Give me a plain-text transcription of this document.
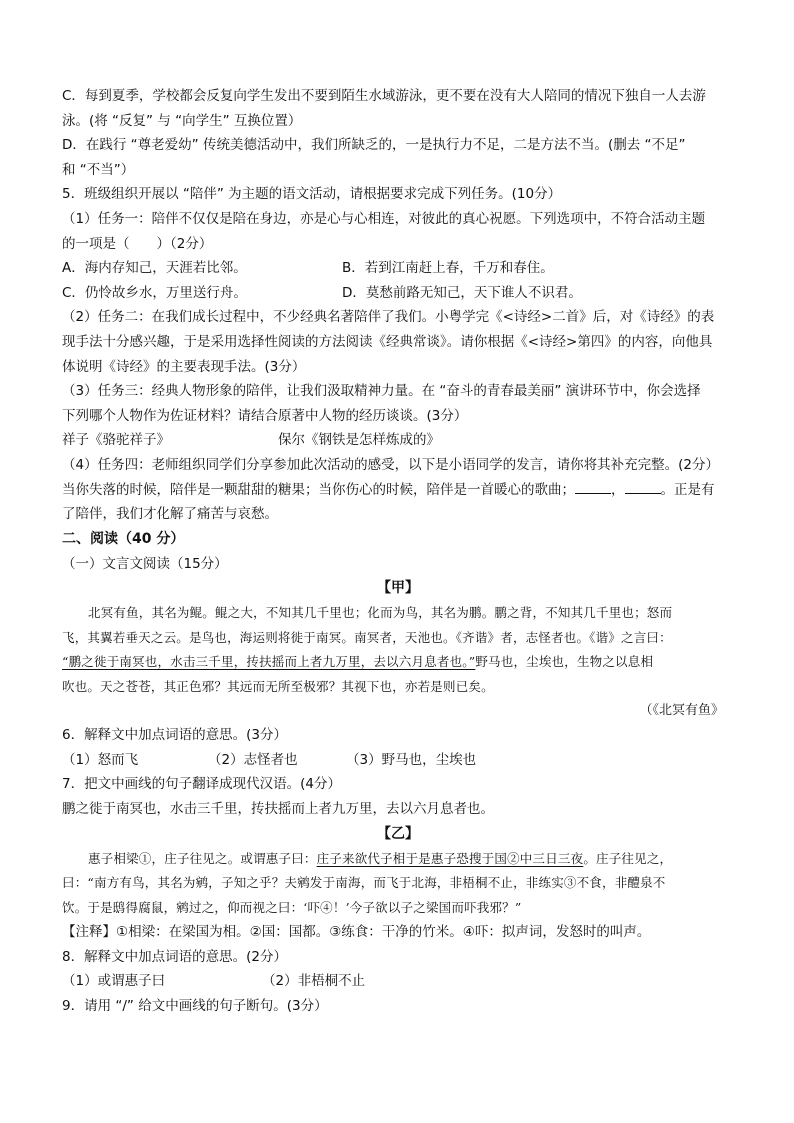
C．每到夏季，学校都会反复向学生发出不要到陌生水域游泳，更不要在没有大人陪同的情况下独自一人去游
泳。(将 “反复” 与 “向学生” 互换位置）
D．在践行 “尊老爱幼” 传统美德活动中，我们所缺乏的，一是执行力不足，二是方法不当。(删去 “不足”
和 “不当”）
5．班级组织开展以 “陪伴” 为主题的语文活动，请根据要求完成下列任务。(10分）
（1）任务一：陪伴不仅仅是陪在身边，亦是心与心相连，对彼此的真心祝愿。下列选项中，不符合活动主题
的一项是（　　）（2分）
A．海内存知己，天涯若比邻。	B．若到江南赶上春，千万和春住。
C．仍怜故乡水，万里送行舟。	D．莫愁前路无知己，天下谁人不识君。
（2）任务二：在我们成长过程中，不少经典名著陪伴了我们。小粤学完《<诗经>二首》后，对《诗经》的表
现手法十分感兴趣，于是采用选择性阅读的方法阅读《经典常谈》。请你根据《<诗经>第四》的内容，向他具
体说明《诗经》的主要表现手法。(3分）
（3）任务三：经典人物形象的陪伴，让我们汲取精神力量。在 “奋斗的青春最美丽” 演讲环节中，你会选择
下列哪个人物作为佐证材料？请结合原著中人物的经历谈谈。(3分）
祥子《骆驼祥子》	保尔《钢铁是怎样炼成的》
（4）任务四：老师组织同学们分享参加此次活动的感受，以下是小语同学的发言，请你将其补充完整。(2分）
当你失落的时候，陪伴是一颗甜甜的糖果；当你伤心的时候，陪伴是一首暖心的歌曲；	，	。正是有
了陪伴，我们才化解了痛苦与哀愁。
二、阅读（40 分）
（一）文言文阅读（15分）
【甲】
北冥有鱼，其名为鲲。鲲之大，不知其几千里也；化而为鸟，其名为鹏。鹏之背，不知其几千里也；怒而
飞，其翼若垂天之云。是鸟也，海运则将徙于南冥。南冥者，天池也。《齐谐》者，志怪者也。《谐》之言曰：
“鹏之徙于南冥也，水击三千里，抟扶摇而上者九万里，去以六月息者也。”野马也，尘埃也，生物之以息相
吹也。天之苍苍，其正色邪？其远而无所至极邪？其视下也，亦若是则已矣。
（《北冥有鱼》
6．解释文中加点词语的意思。(3分）
（1）怒而飞	（2）志怪者也	（3）野马也，尘埃也
7．把文中画线的句子翻译成现代汉语。(4分）
鹏之徙于南冥也，水击三千里，抟扶摇而上者九万里，去以六月息者也。
【乙】
惠子相梁①，庄子往见之。或谓惠子曰：庄子来欲代子相于是惠子恐搜于国②中三日三夜。庄子往见之，
曰：“南方有鸟，其名为鹓，子知之乎？夫鹓发于南海，而飞于北海，非梧桐不止，非练实③不食，非醴泉不
饮。于是鸱得腐鼠，鹓过之，仰而视之曰：‘吓④！’今子欲以子之梁国而吓我邪？”
【注释】①相梁：在梁国为相。②国：国都。③练食：干净的竹米。④吓：拟声词，发怒时的叫声。
8．解释文中加点词语的意思。(2分）
（1）或谓惠子曰	（2）非梧桐不止
9．请用 “/” 给文中画线的句子断句。(3分）
